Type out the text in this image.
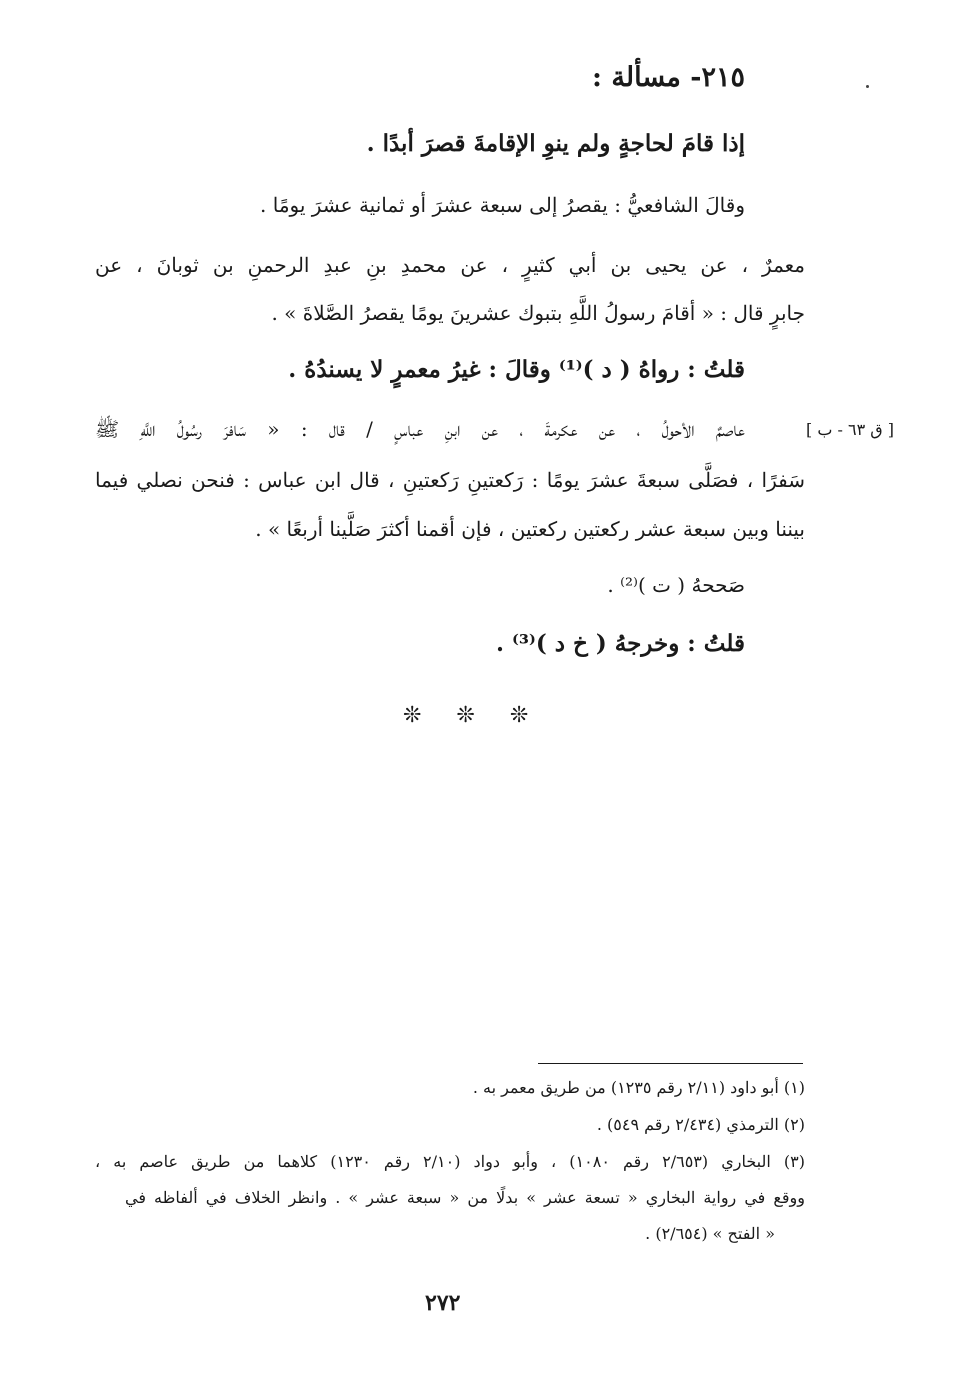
٢١٥- مسألة :
إذا قامَ لحاجةٍ ولم ينوِ الإقامةَ قصرَ أبدًا .
وقالَ الشافعيُّ : يقصرُ إلى سبعة عشرَ أو ثمانية عشرَ يومًا .
معمرٌ ، عن يحيى بن أبي كثيرٍ ، عن محمدِ بنِ عبدِ الرحمنِ بن ثوبانَ ، عن
جابرٍ قال : « أقامَ رسولُ اللَّهِ بتبوك عشرينَ يومًا يقصرُ الصَّلاةَ » .
قلتُ : رواهُ ( د )⁽¹⁾ وقالَ : غيرُ معمرٍ لا يسندُهُ .
[ ق ٦٣ - ب ]
عاصمٌ الأحولُ ، عن عكرمةَ ، عن ابنِ عباسٍ / قال : « سَافرَ رسُولُ اللَّهِ ﷺ
سَفرًا ، فصَلَّى سبعةَ عشرَ يومًا : رَكعتينِ رَكعتينِ ، قال ابن عباس : فنحن نصلي فيما
بيننا وبين سبعة عشر ركعتين ركعتين ، فإن أقمنا أكثرَ صَلَّينا أربعًا » .
صَححهُ ( ت )⁽²⁾ .
قلتُ : وخرجهُ ( خ د )⁽³⁾ .
❊ ❊ ❊
(١) أبو داود (٢/١١ رقم ١٢٣٥) من طريق معمر به .
(٢) الترمذي (٢/٤٣٤ رقم ٥٤٩) .
(٣) البخاري (٢/٦٥٣ رقم ١٠٨٠) ، وأبو دواد (٢/١٠ رقم ١٢٣٠) كلاهما من طريق عاصم به ،
ووقع في رواية البخاري « تسعة عشر » بدلًا من « سبعة عشر » . وانظر الخلاف في ألفاظه في
« الفتح » (٢/٦٥٤) .
٢٧٢
